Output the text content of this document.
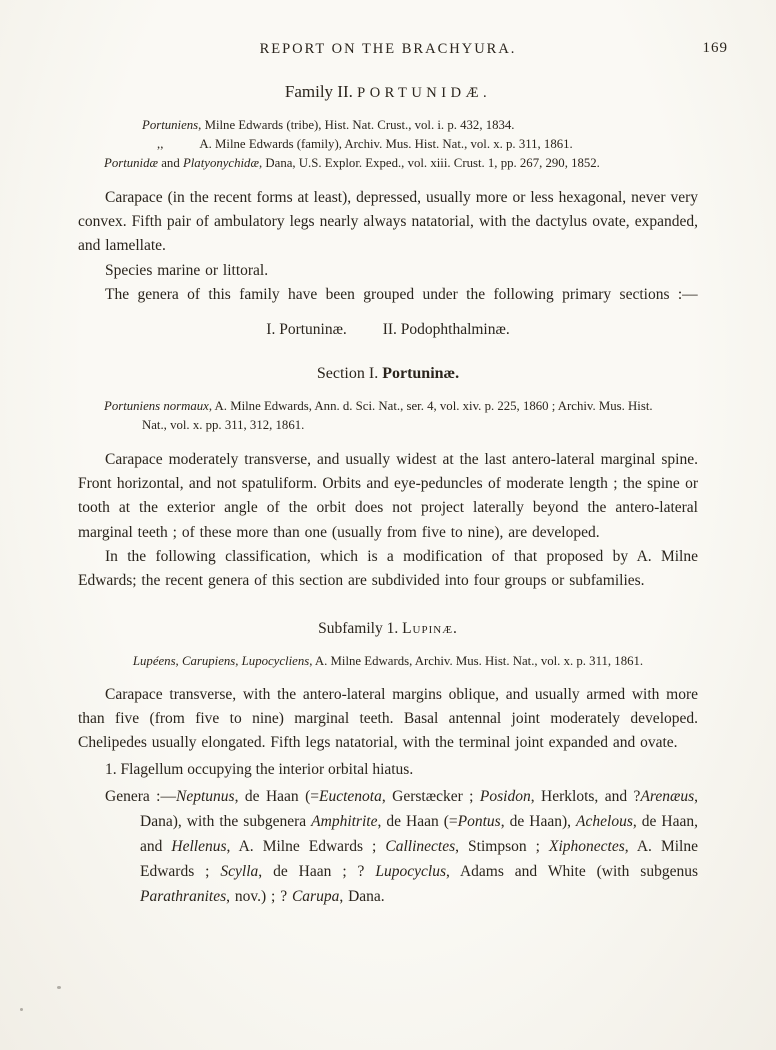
REPORT ON THE BRACHYURA.	169
Family II. PORTUNIDÆ.

Portuniens, Milne Edwards (tribe), Hist. Nat. Crust., vol. i. p. 432, 1834.

,,	A. Milne Edwards (family), Archiv. Mus. Hist. Nat., vol. x. p. 311, 1861.

Portunidæ and Platyonychidæ, Dana, U.S. Explor. Exped., vol. xiii. Crust. 1, pp. 267, 290, 1852.

Carapace (in the recent forms at least), depressed, usually more or less hexagonal, never very convex. Fifth pair of ambulatory legs nearly always natatorial, with the dactylus ovate, expanded, and lamellate.

Species marine or littoral.

The genera of this family have been grouped under the following primary sections :—

I. Portuninæ. II. Podophthalminæ.

Section I. Portuninæ.

Portuniens normaux, A. Milne Edwards, Ann. d. Sci. Nat., ser. 4, vol. xiv. p. 225, 1860 ; Archiv. Mus. Hist. Nat., vol. x. pp. 311, 312, 1861.

Carapace moderately transverse, and usually widest at the last antero-lateral marginal spine. Front horizontal, and not spatuliform. Orbits and eye-peduncles of moderate length ; the spine or tooth at the exterior angle of the orbit does not project laterally beyond the antero-lateral marginal teeth ; of these more than one (usually from five to nine), are developed.

In the following classification, which is a modification of that proposed by A. Milne Edwards; the recent genera of this section are subdivided into four groups or subfamilies.

Subfamily 1. Lupinæ.

Lupéens, Carupiens, Lupocycliens, A. Milne Edwards, Archiv. Mus. Hist. Nat., vol. x. p. 311, 1861.

Carapace transverse, with the antero-lateral margins oblique, and usually armed with more than five (from five to nine) marginal teeth. Basal antennal joint moderately developed. Chelipedes usually elongated. Fifth legs natatorial, with the terminal joint expanded and ovate.

1. Flagellum occupying the interior orbital hiatus.

Genera :—Neptunus, de Haan (=Euctenota, Gerstæcker ; Posidon, Herklots, and ?Arenæus, Dana), with the subgenera Amphitrite, de Haan (=Pontus, de Haan), Achelous, de Haan, and Hellenus, A. Milne Edwards ; Callinectes, Stimpson ; Xiphonectes, A. Milne Edwards ; Scylla, de Haan ; ? Lupocyclus, Adams and White (with subgenus Parathranites, nov.) ; ? Carupa, Dana.
